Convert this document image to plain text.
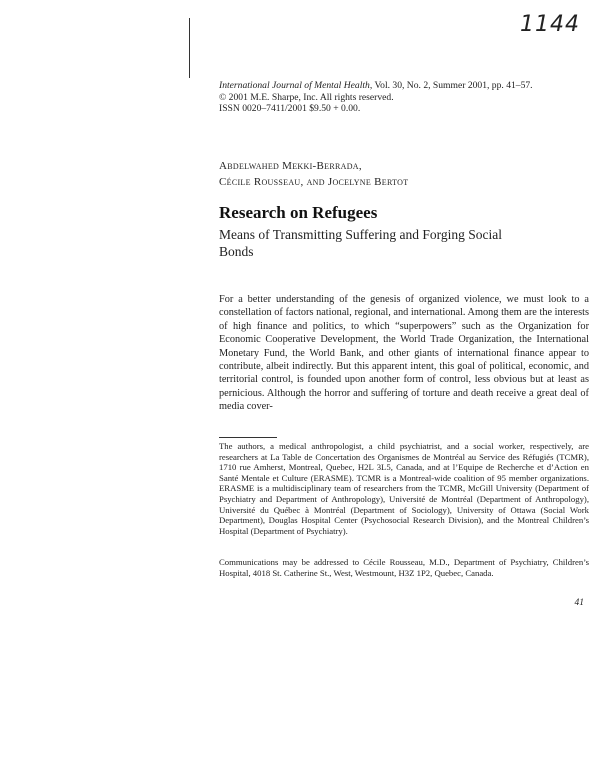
1144
International Journal of Mental Health, Vol. 30, No. 2, Summer 2001, pp. 41–57.
© 2001 M.E. Sharpe, Inc. All rights reserved.
ISSN 0020–7411/2001 $9.50 + 0.00.
Abdelwahed Mekki-Berrada,
Cécile Rousseau, and Jocelyne Bertot
Research on Refugees
Means of Transmitting Suffering and Forging Social Bonds
For a better understanding of the genesis of organized violence, we must look to a constellation of factors national, regional, and international. Among them are the interests of high finance and politics, to which “superpowers” such as the Organization for Economic Cooperative Development, the World Trade Organization, the International Monetary Fund, the World Bank, and other giants of international finance appear to contribute, albeit indirectly. But this apparent intent, this goal of political, economic, and territorial control, is founded upon another form of control, less obvious but at least as pernicious. Although the horror and suffering of torture and death receive a great deal of media cover-
The authors, a medical anthropologist, a child psychiatrist, and a social worker, respectively, are researchers at La Table de Concertation des Organismes de Montréal au Service des Réfugiés (TCMR), 1710 rue Amherst, Montreal, Quebec, H2L 3L5, Canada, and at l’Equipe de Recherche et d’Action en Santé Mentale et Culture (ERASME). TCMR is a Montreal-wide coalition of 95 member organizations. ERASME is a multidisciplinary team of researchers from the TCMR, McGill University (Department of Psychiatry and Department of Anthropology), Université de Montréal (Department of Anthropology), Université du Québec à Montréal (Department of Sociology), University of Ottawa (Social Work Department), Douglas Hospital Center (Psychosocial Research Division), and the Montreal Children’s Hospital (Department of Psychiatry).
Communications may be addressed to Cécile Rousseau, M.D., Department of Psychiatry, Children’s Hospital, 4018 St. Catherine St., West, Westmount, H3Z 1P2, Quebec, Canada.
41
